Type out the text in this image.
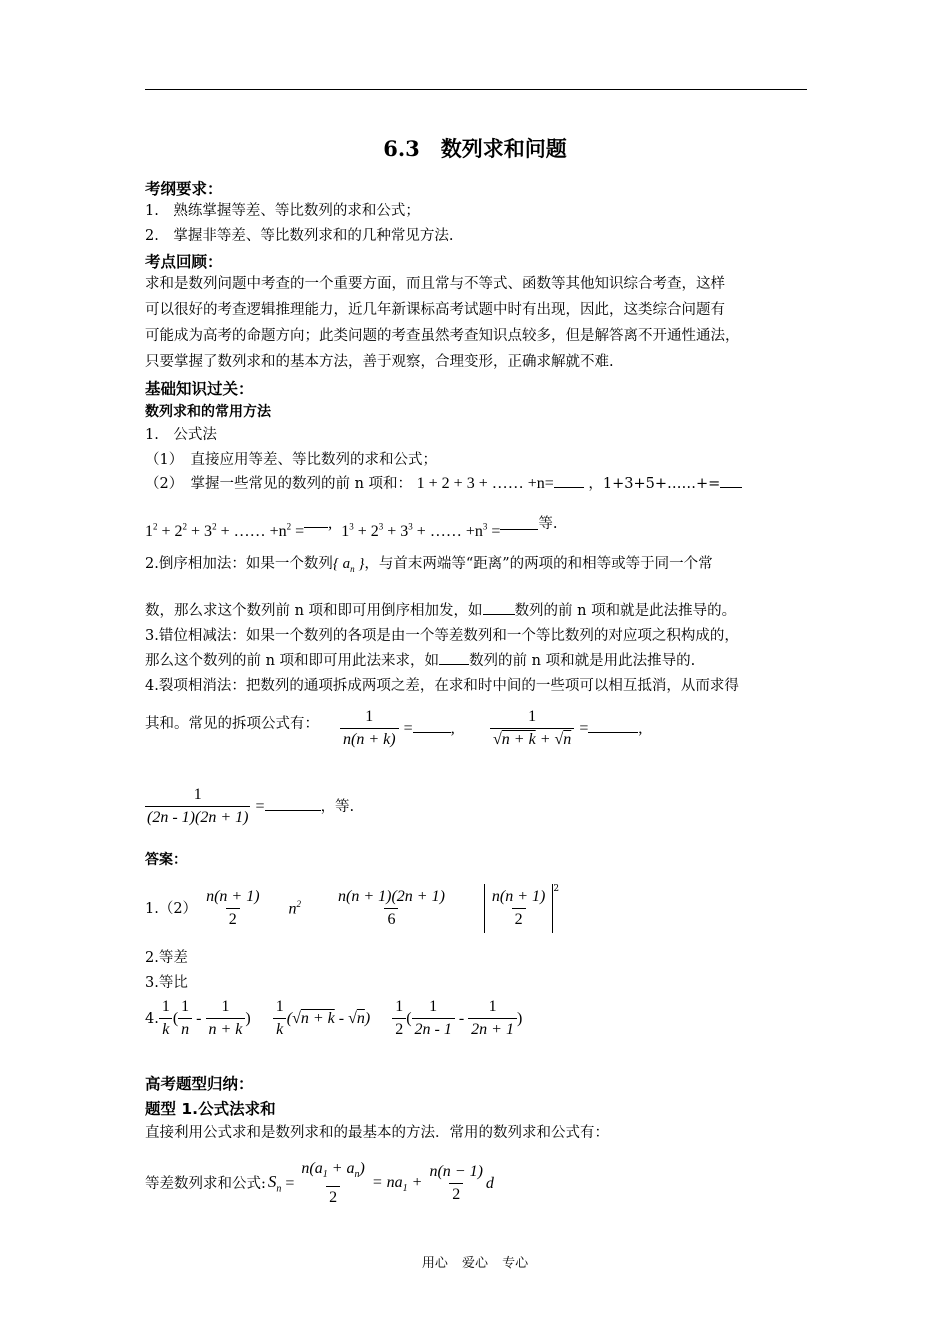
6.3　数列求和问题
考纲要求：
1.　熟练掌握等差、等比数列的求和公式；
2.　掌握非等差、等比数列求和的几种常见方法.
考点回顾：
求和是数列问题中考查的一个重要方面，而且常与不等式、函数等其他知识综合考查，这样
可以很好的考查逻辑推理能力，近几年新课标高考试题中时有出现，因此，这类综合问题有
可能成为高考的命题方向；此类问题的考查虽然考查知识点较多，但是解答离不开通性通法，
只要掌握了数列求和的基本方法，善于观察，合理变形，正确求解就不难.
基础知识过关：
数列求和的常用方法
1.　公式法
（1）　直接应用等差、等比数列的求和公式；
（2）　掌握一些常见的数列的前 n 项和： 1 + 2 + 3 + …… +n= ，1+3+5+……+=
$1^2 + 2^2 + 3^2$ + …… $+n^2$ = ,  $1^3 + 2^3 + 3^3$ + …… $+n^3$ =	等.
2.倒序相加法：如果一个数列{ $a_n$ }，与首末两端等“距离”的两项的和相等或等于同一个常
数，那么求这个数列前 n 项和即可用倒序相加发，如 数列的前 n 项和就是此法推导的。
3.错位相减法：如果一个数列的各项是由一个等差数列和一个等比数列的对应项之积构成的，
那么这个数列的前 n 项和即可用此法来求，如 数列的前 n 项和就是用此法推导的.
4.裂项相消法：把数列的通项拆成两项之差，在求和时中间的一些项可以相互抵消，从而求得
其和。常见的拆项公式有： $\frac{1}{n(n + k)}$ = , $\frac{1}{√n + k + √n}$ =	,
$\frac{1}{(2n - 1)(2n + 1)}$ =	，等.
答案：
$1.(2) \frac{n(n + 1)}{2} n^2 \frac{n(n + 1)(2n + 1)}{6}$	$\frac{n(n + 1)}{2} 2$
2.等差
3.等比
4. $\frac{1}{k}$ ( $\frac{1}{n} - \frac{1}{n + k}$ ) $\frac{1}{k} (√n + k - √n) \frac{1}{2}$ ( $\frac{1}{2n - 1} - \frac{1}{2n + 1}$ )
高考题型归纳：
题型 1.公式法求和
直接利用公式求和是数列求和的最基本的方法．常用的数列求和公式有：
等差数列求和公式: $S_n = \frac{n(a_1 + a_n)}{2} = na_1 + \frac{n(n - 1)}{2}$ d
用心 爱心 专心
